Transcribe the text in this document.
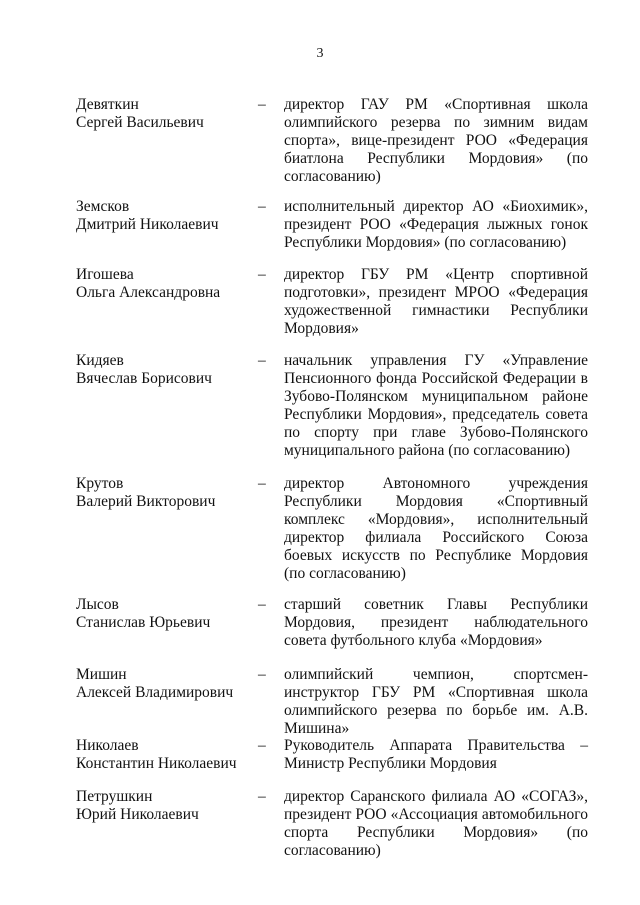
3
Девяткин
Сергей Васильевич
– директор ГАУ РМ «Спортивная школа олимпийского резерва по зимним видам спорта», вице-президент РОО «Федерация биатлона Республики Мордовия» (по согласованию)
Земсков
Дмитрий Николаевич
– исполнительный директор АО «Биохимик», президент РОО «Федерация лыжных гонок Республики Мордовия» (по согласованию)
Игошева
Ольга Александровна
– директор ГБУ РМ «Центр спортивной подготовки», президент МРОО «Федерация художественной гимнастики Республики Мордовия»
Кидяев
Вячеслав Борисович
– начальник управления ГУ «Управление Пенсионного фонда Российской Федерации в Зубово-Полянском муниципальном районе Республики Мордовия», председатель совета по спорту при главе Зубово-Полянского муниципального района (по согласованию)
Крутов
Валерий Викторович
– директор Автономного учреждения Республики Мордовия «Спортивный комплекс «Мордовия», исполнительный директор филиала Российского Союза боевых искусств по Республике Мордовия (по согласованию)
Лысов
Станислав Юрьевич
– старший советник Главы Республики Мордовия, президент наблюдательного совета футбольного клуба «Мордовия»
Мишин
Алексей Владимирович
– олимпийский чемпион, спортсмен-инструктор ГБУ РМ «Спортивная школа олимпийского резерва по борьбе им. А.В. Мишина»
Николаев
Константин Николаевич
– Руководитель Аппарата Правительства – Министр Республики Мордовия
Петрушкин
Юрий Николаевич
– директор Саранского филиала АО «СОГАЗ», президент РОО «Ассоциация автомобильного спорта Республики Мордовия» (по согласованию)
